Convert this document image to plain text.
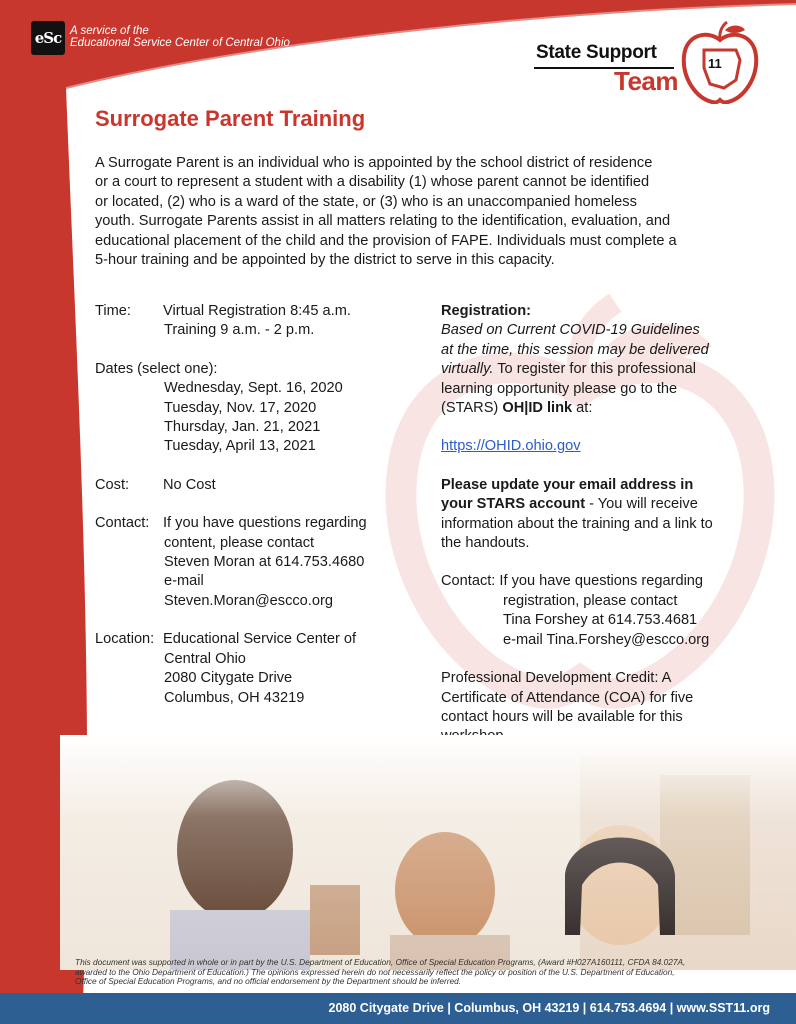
eSc A service of the
Educational Service Center of Central Ohio	State Support
Team
11
Surrogate Parent Training
A Surrogate Parent is an individual who is appointed by the school district of residence
or a court to represent a student with a disability (1) whose parent cannot be identified
or located, (2) who is a ward of the state, or (3) who is an unaccompanied homeless
youth. Surrogate Parents assist in all matters relating to the identification, evaluation, and
educational placement of the child and the provision of FAPE. Individuals must complete a
5-hour training and be appointed by the district to serve in this capacity.
Time:	Virtual Registration 8:45 a.m.
Training 9 a.m. - 2 p.m.
Dates (select one):
Wednesday, Sept. 16, 2020
Tuesday, Nov. 17, 2020
Thursday, Jan. 21, 2021
Tuesday, April 13, 2021
Cost:	No Cost
Contact: If you have questions regarding
content, please contact
Steven Moran at 614.753.4680
e-mail
Steven.Moran@escco.org
Location: Educational Service Center of
Central Ohio
2080 Citygate Drive
Columbus, OH 43219
Registration:
Based on Current COVID-19 Guidelines
at the time, this session may be delivered
virtually. To register for this professional
learning opportunity please go to the
(STARS) OH|ID link at:
https://OHID.ohio.gov
Please update your email address in
your STARS account - You will receive
information about the training and a link to
the handouts.
Contact: If you have questions regarding
registration, please contact
Tina Forshey at 614.753.4681
e-mail Tina.Forshey@escco.org
Professional Development Credit: A
Certificate of Attendance (COA) for five
contact hours will be available for this
This document was supported in whole or in part by the U.S. Department of Education, Office of Special Education Programs, (Award #H027A160111, CFDA 84.027A,
awarded to the Ohio Department of Education.) The opinions expressed herein do not necessarily reflect the policy or position of the U.S. Department of Education,
Office of Special Education Programs, and no official endorsement by the Department should be inferred.
2080 Citygate Drive | Columbus, OH 43219 | 614.753.4694 | www.SST11.org
